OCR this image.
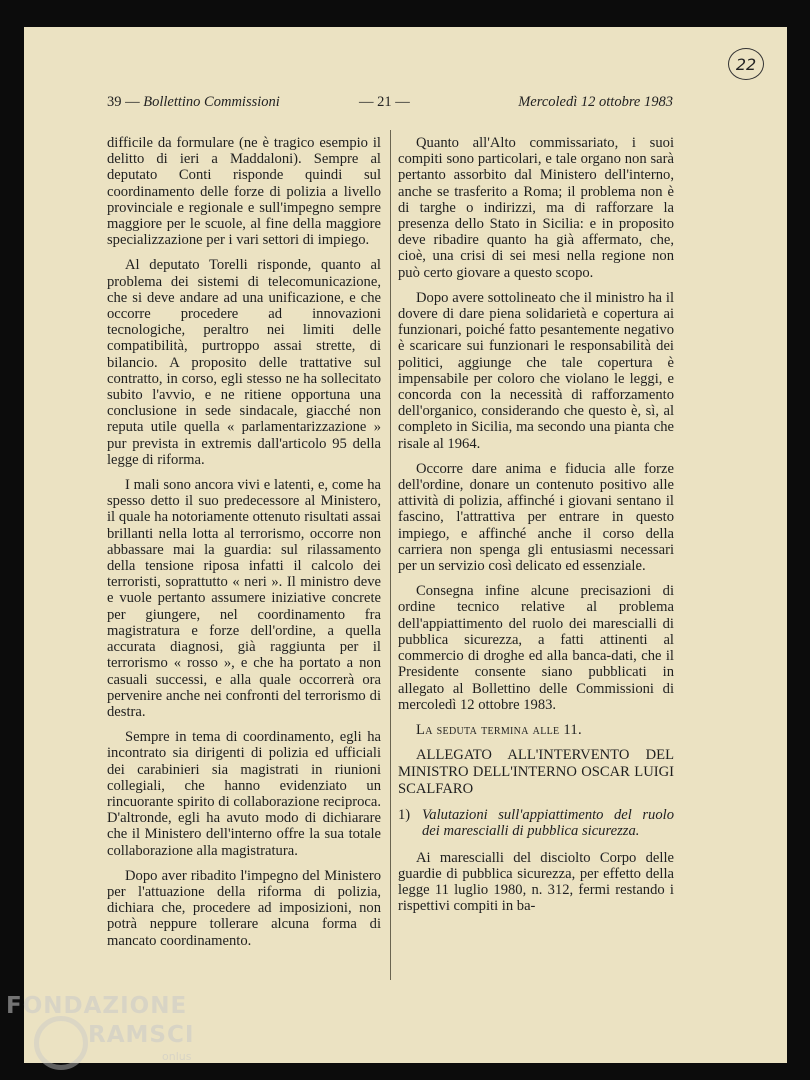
22
39 — Bollettino Commissioni	— 21 —	Mercoledì 12 ottobre 1983

difficile da formulare (ne è tragico esempio il delitto di ieri a Maddaloni). Sempre al deputato Conti risponde quindi sul coordinamento delle forze di polizia a livello provinciale e regionale e sull'impegno sempre maggiore per le scuole, al fine della maggiore specializzazione per i vari settori di impiego.

Al deputato Torelli risponde, quanto al problema dei sistemi di telecomunicazione, che si deve andare ad una unificazione, e che occorre procedere ad innovazioni tecnologiche, peraltro nei limiti delle compatibilità, purtroppo assai strette, di bilancio. A proposito delle trattative sul contratto, in corso, egli stesso ne ha sollecitato subito l'avvio, e ne ritiene opportuna una conclusione in sede sindacale, giacché non reputa utile quella « parlamentarizzazione » pur prevista in extremis dall'articolo 95 della legge di riforma.

I mali sono ancora vivi e latenti, e, come ha spesso detto il suo predecessore al Ministero, il quale ha notoriamente ottenuto risultati assai brillanti nella lotta al terrorismo, occorre non abbassare mai la guardia: sul rilassamento della tensione riposa infatti il calcolo dei terroristi, soprattutto « neri ». Il ministro deve e vuole pertanto assumere iniziative concrete per giungere, nel coordinamento fra magistratura e forze dell'ordine, a quella accurata diagnosi, già raggiunta per il terrorismo « rosso », e che ha portato a non casuali successi, e alla quale occorrerà ora pervenire anche nei confronti del terrorismo di destra.

Sempre in tema di coordinamento, egli ha incontrato sia dirigenti di polizia ed ufficiali dei carabinieri sia magistrati in riunioni collegiali, che hanno evidenziato un rincuorante spirito di collaborazione reciproca. D'altronde, egli ha avuto modo di dichiarare che il Ministero dell'interno offre la sua totale collaborazione alla magistratura.

Dopo aver ribadito l'impegno del Ministero per l'attuazione della riforma di polizia, dichiara che, procedere ad imposizioni, non potrà neppure tollerare alcuna forma di mancato coordinamento.

Quanto all'Alto commissariato, i suoi compiti sono particolari, e tale organo non sarà pertanto assorbito dal Ministero dell'interno, anche se trasferito a Roma; il problema non è di targhe o indirizzi, ma di rafforzare la presenza dello Stato in Sicilia: e in proposito deve ribadire quanto ha già affermato, che, cioè, una crisi di sei mesi nella regione non può certo giovare a questo scopo.

Dopo avere sottolineato che il ministro ha il dovere di dare piena solidarietà e copertura ai funzionari, poiché fatto pesantemente negativo è scaricare sui funzionari le responsabilità dei politici, aggiunge che tale copertura è impensabile per coloro che violano le leggi, e concorda con la necessità di rafforzamento dell'organico, considerando che questo è, sì, al completo in Sicilia, ma secondo una pianta che risale al 1964.

Occorre dare anima e fiducia alle forze dell'ordine, donare un contenuto positivo alle attività di polizia, affinché i giovani sentano il fascino, l'attrattiva per entrare in questo impiego, e affinché anche il corso della carriera non spenga gli entusiasmi necessari per un servizio così delicato ed essenziale.

Consegna infine alcune precisazioni di ordine tecnico relative al problema dell'appiattimento del ruolo dei marescialli di pubblica sicurezza, a fatti attinenti al commercio di droghe ed alla banca-dati, che il Presidente consente siano pubblicati in allegato al Bollettino delle Commissioni di mercoledì 12 ottobre 1983.

La seduta termina alle 11.

ALLEGATO ALL'INTERVENTO DEL MINISTRO DELL'INTERNO OSCAR LUIGI SCALFARO

1) Valutazioni sull'appiattimento del ruolo dei marescialli di pubblica sicurezza.

Ai marescialli del disciolto Corpo delle guardie di pubblica sicurezza, per effetto della legge 11 luglio 1980, n. 312, fermi restando i rispettivi compiti in ba-

FONDAZIONE
RAMSCI
onlus
